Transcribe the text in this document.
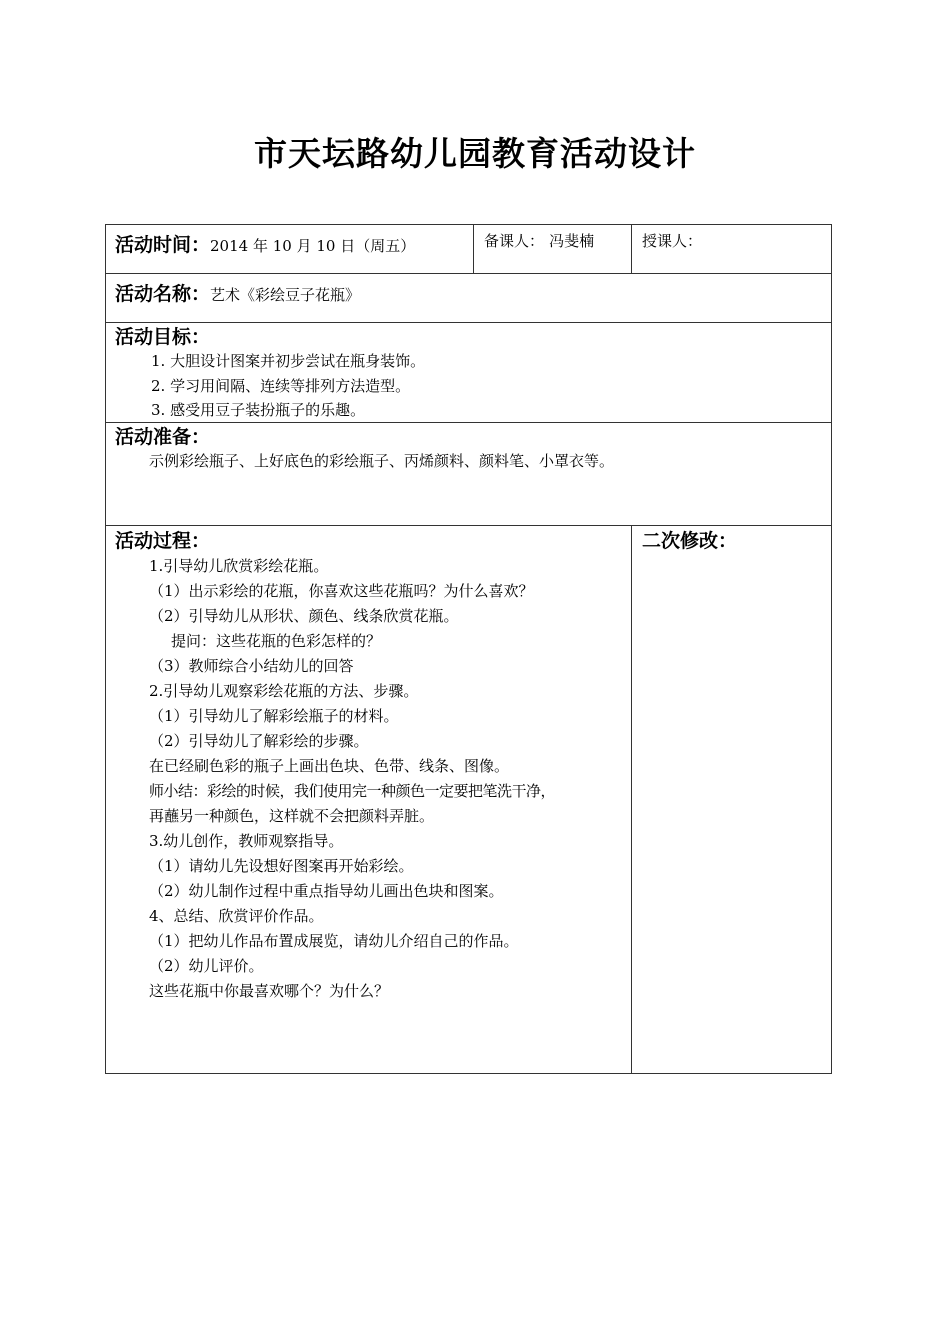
市天坛路幼儿园教育活动设计
活动时间：2014 年 10 月 10 日（周五）	备课人： 冯斐楠	授课人：
活动名称：艺术《彩绘豆子花瓶》
活动目标：
1. 大胆设计图案并初步尝试在瓶身装饰。
2. 学习用间隔、连续等排列方法造型。
3. 感受用豆子装扮瓶子的乐趣。
活动准备：
示例彩绘瓶子、上好底色的彩绘瓶子、丙烯颜料、颜料笔、小罩衣等。
活动过程：
1.引导幼儿欣赏彩绘花瓶。
（1）出示彩绘的花瓶，你喜欢这些花瓶吗？为什么喜欢？
（2）引导幼儿从形状、颜色、线条欣赏花瓶。
提问：这些花瓶的色彩怎样的？
（3）教师综合小结幼儿的回答
2.引导幼儿观察彩绘花瓶的方法、步骤。
（1）引导幼儿了解彩绘瓶子的材料。
（2）引导幼儿了解彩绘的步骤。
在已经刷色彩的瓶子上画出色块、色带、线条、图像。
师小结：彩绘的时候，我们使用完一种颜色一定要把笔洗干净，
再蘸另一种颜色，这样就不会把颜料弄脏。
3.幼儿创作，教师观察指导。
（1）请幼儿先设想好图案再开始彩绘。
（2）幼儿制作过程中重点指导幼儿画出色块和图案。
4、总结、欣赏评价作品。
（1）把幼儿作品布置成展览，请幼儿介绍自己的作品。
（2）幼儿评价。
这些花瓶中你最喜欢哪个？为什么？
二次修改：
